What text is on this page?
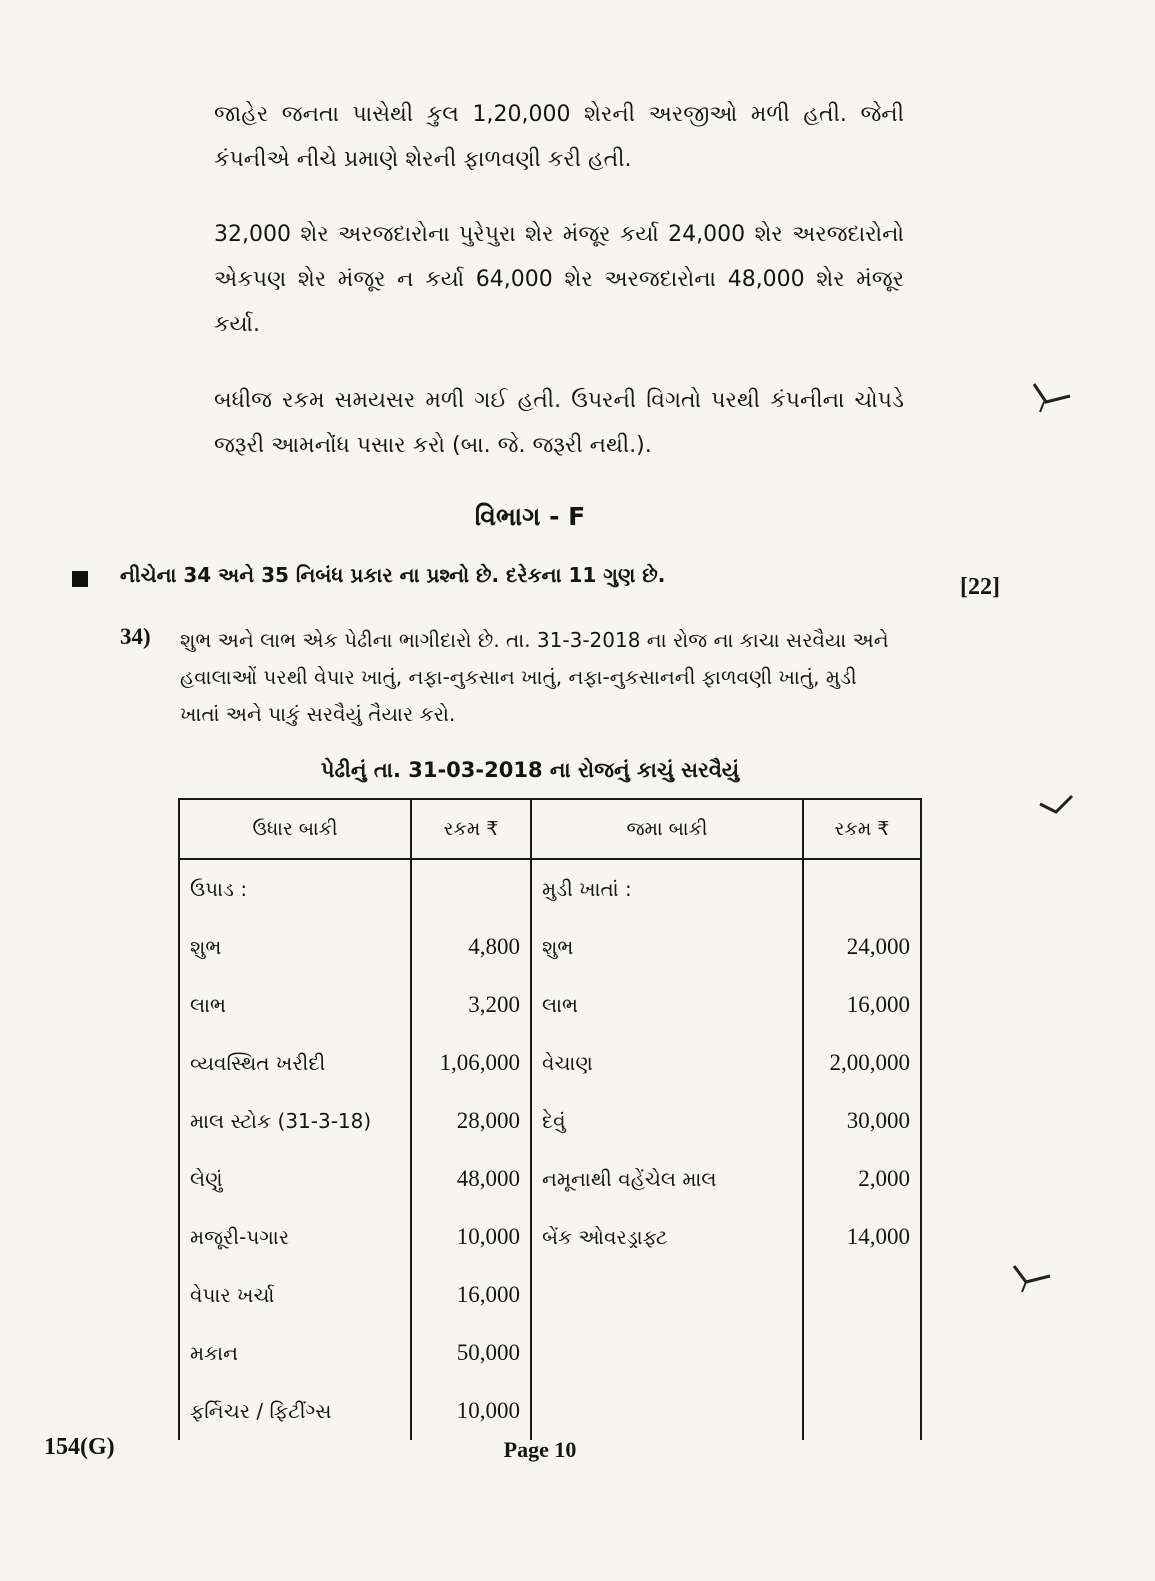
જાહેર જનતા પાસેથી કુલ 1,20,000 શેરની અરજીઓ મળી હતી. જેની કંપનીએ નીચે પ્રમાણે શેરની ફાળવણી કરી હતી.
32,000 શેર અરજદારોના પુરેપુરા શેર મંજૂર કર્યા 24,000 શેર અરજદારોનો એકપણ શેર મંજૂર ન કર્યા 64,000 શેર અરજદારોના 48,000 શેર મંજૂર કર્યા.
બધીજ રકમ સમયસર મળી ગઈ હતી. ઉપરની વિગતો પરથી કંપનીના ચોપડે જરૂરી આમનોંધ પસાર કરો (બા. જે. જરૂરી નથી.).
વિભાગ - F
નીચેના 34 અને 35 નિબંધ પ્રકાર ના પ્રશ્નો છે. દરેકના 11 ગુણ છે.	[22]
34) શુભ અને લાભ એક પેઢીના ભાગીદારો છે. તા. 31-3-2018 ના રોજ ના કાચા સરવૈયા અને હવાલાઓં પરથી વેપાર ખાતું, નફા-નુકસાન ખાતું, નફા-નુકસાનની ફાળવણી ખાતું, મુડી ખાતાં અને પાકું સરવૈયું તૈયાર કરો.
પેઢીનું તા. 31-03-2018 ના રોજનું કાચું સરવૈયું
ઉધાર બાકી	રકમ ₹	જમા બાકી	રકમ ₹
ઉપાડ :		મુડી ખાતાં :	
શુભ	4,800	શુભ	24,000
લાભ	3,200	લાભ	16,000
વ્યવસ્થિત ખરીદી	1,06,000	વેચાણ	2,00,000
માલ સ્ટોક (31-3-18)	28,000	દેવું	30,000
લેણું	48,000	નમૂનાથી વહેંચેલ માલ	2,000
મજૂરી-પગાર	10,000	બેંક ઓવરડ્રાફ્ટ	14,000
વેપાર ખર્ચા	16,000		
મકાન	50,000		
ફર્નિચર / ફિટીંગ્સ	10,000		
154(G)	Page 10
